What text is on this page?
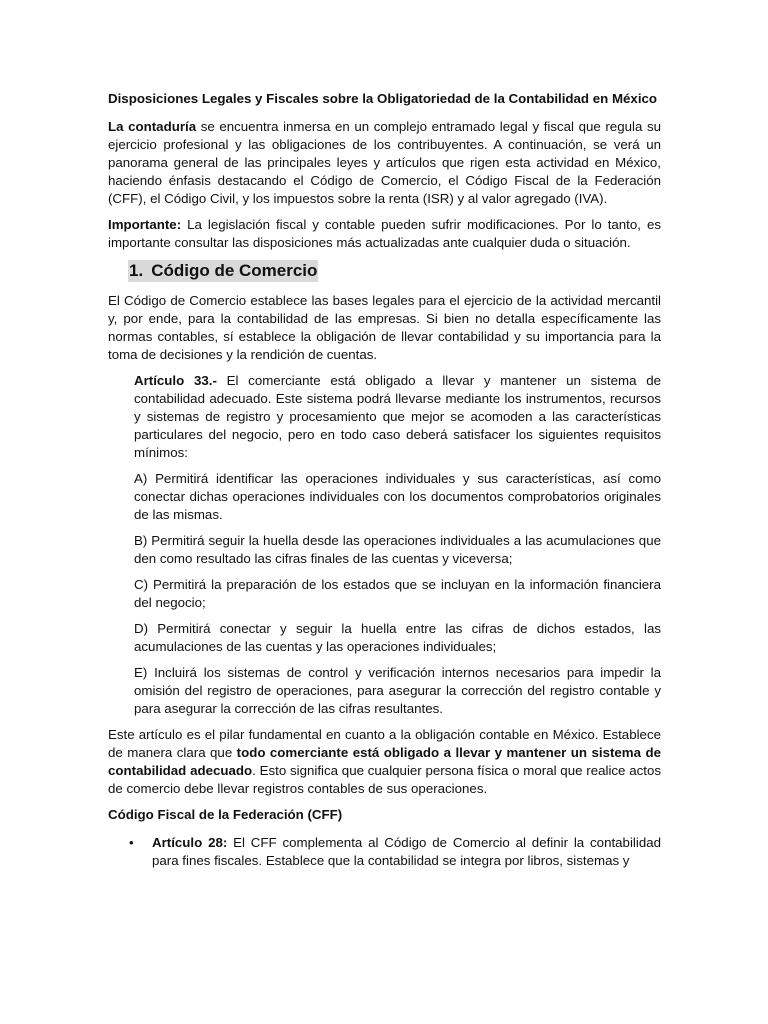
Disposiciones Legales y Fiscales sobre la Obligatoriedad de la Contabilidad en México

La contaduría se encuentra inmersa en un complejo entramado legal y fiscal que regula su ejercicio profesional y las obligaciones de los contribuyentes. A continuación, se verá un panorama general de las principales leyes y artículos que rigen esta actividad en México, haciendo énfasis destacando el Código de Comercio, el Código Fiscal de la Federación (CFF), el Código Civil, y los impuestos sobre la renta (ISR) y al valor agregado (IVA).

Importante: La legislación fiscal y contable pueden sufrir modificaciones. Por lo tanto, es importante consultar las disposiciones más actualizadas ante cualquier duda o situación.

1. Código de Comercio

El Código de Comercio establece las bases legales para el ejercicio de la actividad mercantil y, por ende, para la contabilidad de las empresas. Si bien no detalla específicamente las normas contables, sí establece la obligación de llevar contabilidad y su importancia para la toma de decisiones y la rendición de cuentas.

Artículo 33.- El comerciante está obligado a llevar y mantener un sistema de contabilidad adecuado. Este sistema podrá llevarse mediante los instrumentos, recursos y sistemas de registro y procesamiento que mejor se acomoden a las características particulares del negocio, pero en todo caso deberá satisfacer los siguientes requisitos mínimos:

A) Permitirá identificar las operaciones individuales y sus características, así como conectar dichas operaciones individuales con los documentos comprobatorios originales de las mismas.

B) Permitirá seguir la huella desde las operaciones individuales a las acumulaciones que den como resultado las cifras finales de las cuentas y viceversa;

C) Permitirá la preparación de los estados que se incluyan en la información financiera del negocio;

D) Permitirá conectar y seguir la huella entre las cifras de dichos estados, las acumulaciones de las cuentas y las operaciones individuales;

E) Incluirá los sistemas de control y verificación internos necesarios para impedir la omisión del registro de operaciones, para asegurar la corrección del registro contable y para asegurar la corrección de las cifras resultantes.

Este artículo es el pilar fundamental en cuanto a la obligación contable en México. Establece de manera clara que todo comerciante está obligado a llevar y mantener un sistema de contabilidad adecuado. Esto significa que cualquier persona física o moral que realice actos de comercio debe llevar registros contables de sus operaciones.

Código Fiscal de la Federación (CFF)

• Artículo 28: El CFF complementa al Código de Comercio al definir la contabilidad para fines fiscales. Establece que la contabilidad se integra por libros, sistemas y
